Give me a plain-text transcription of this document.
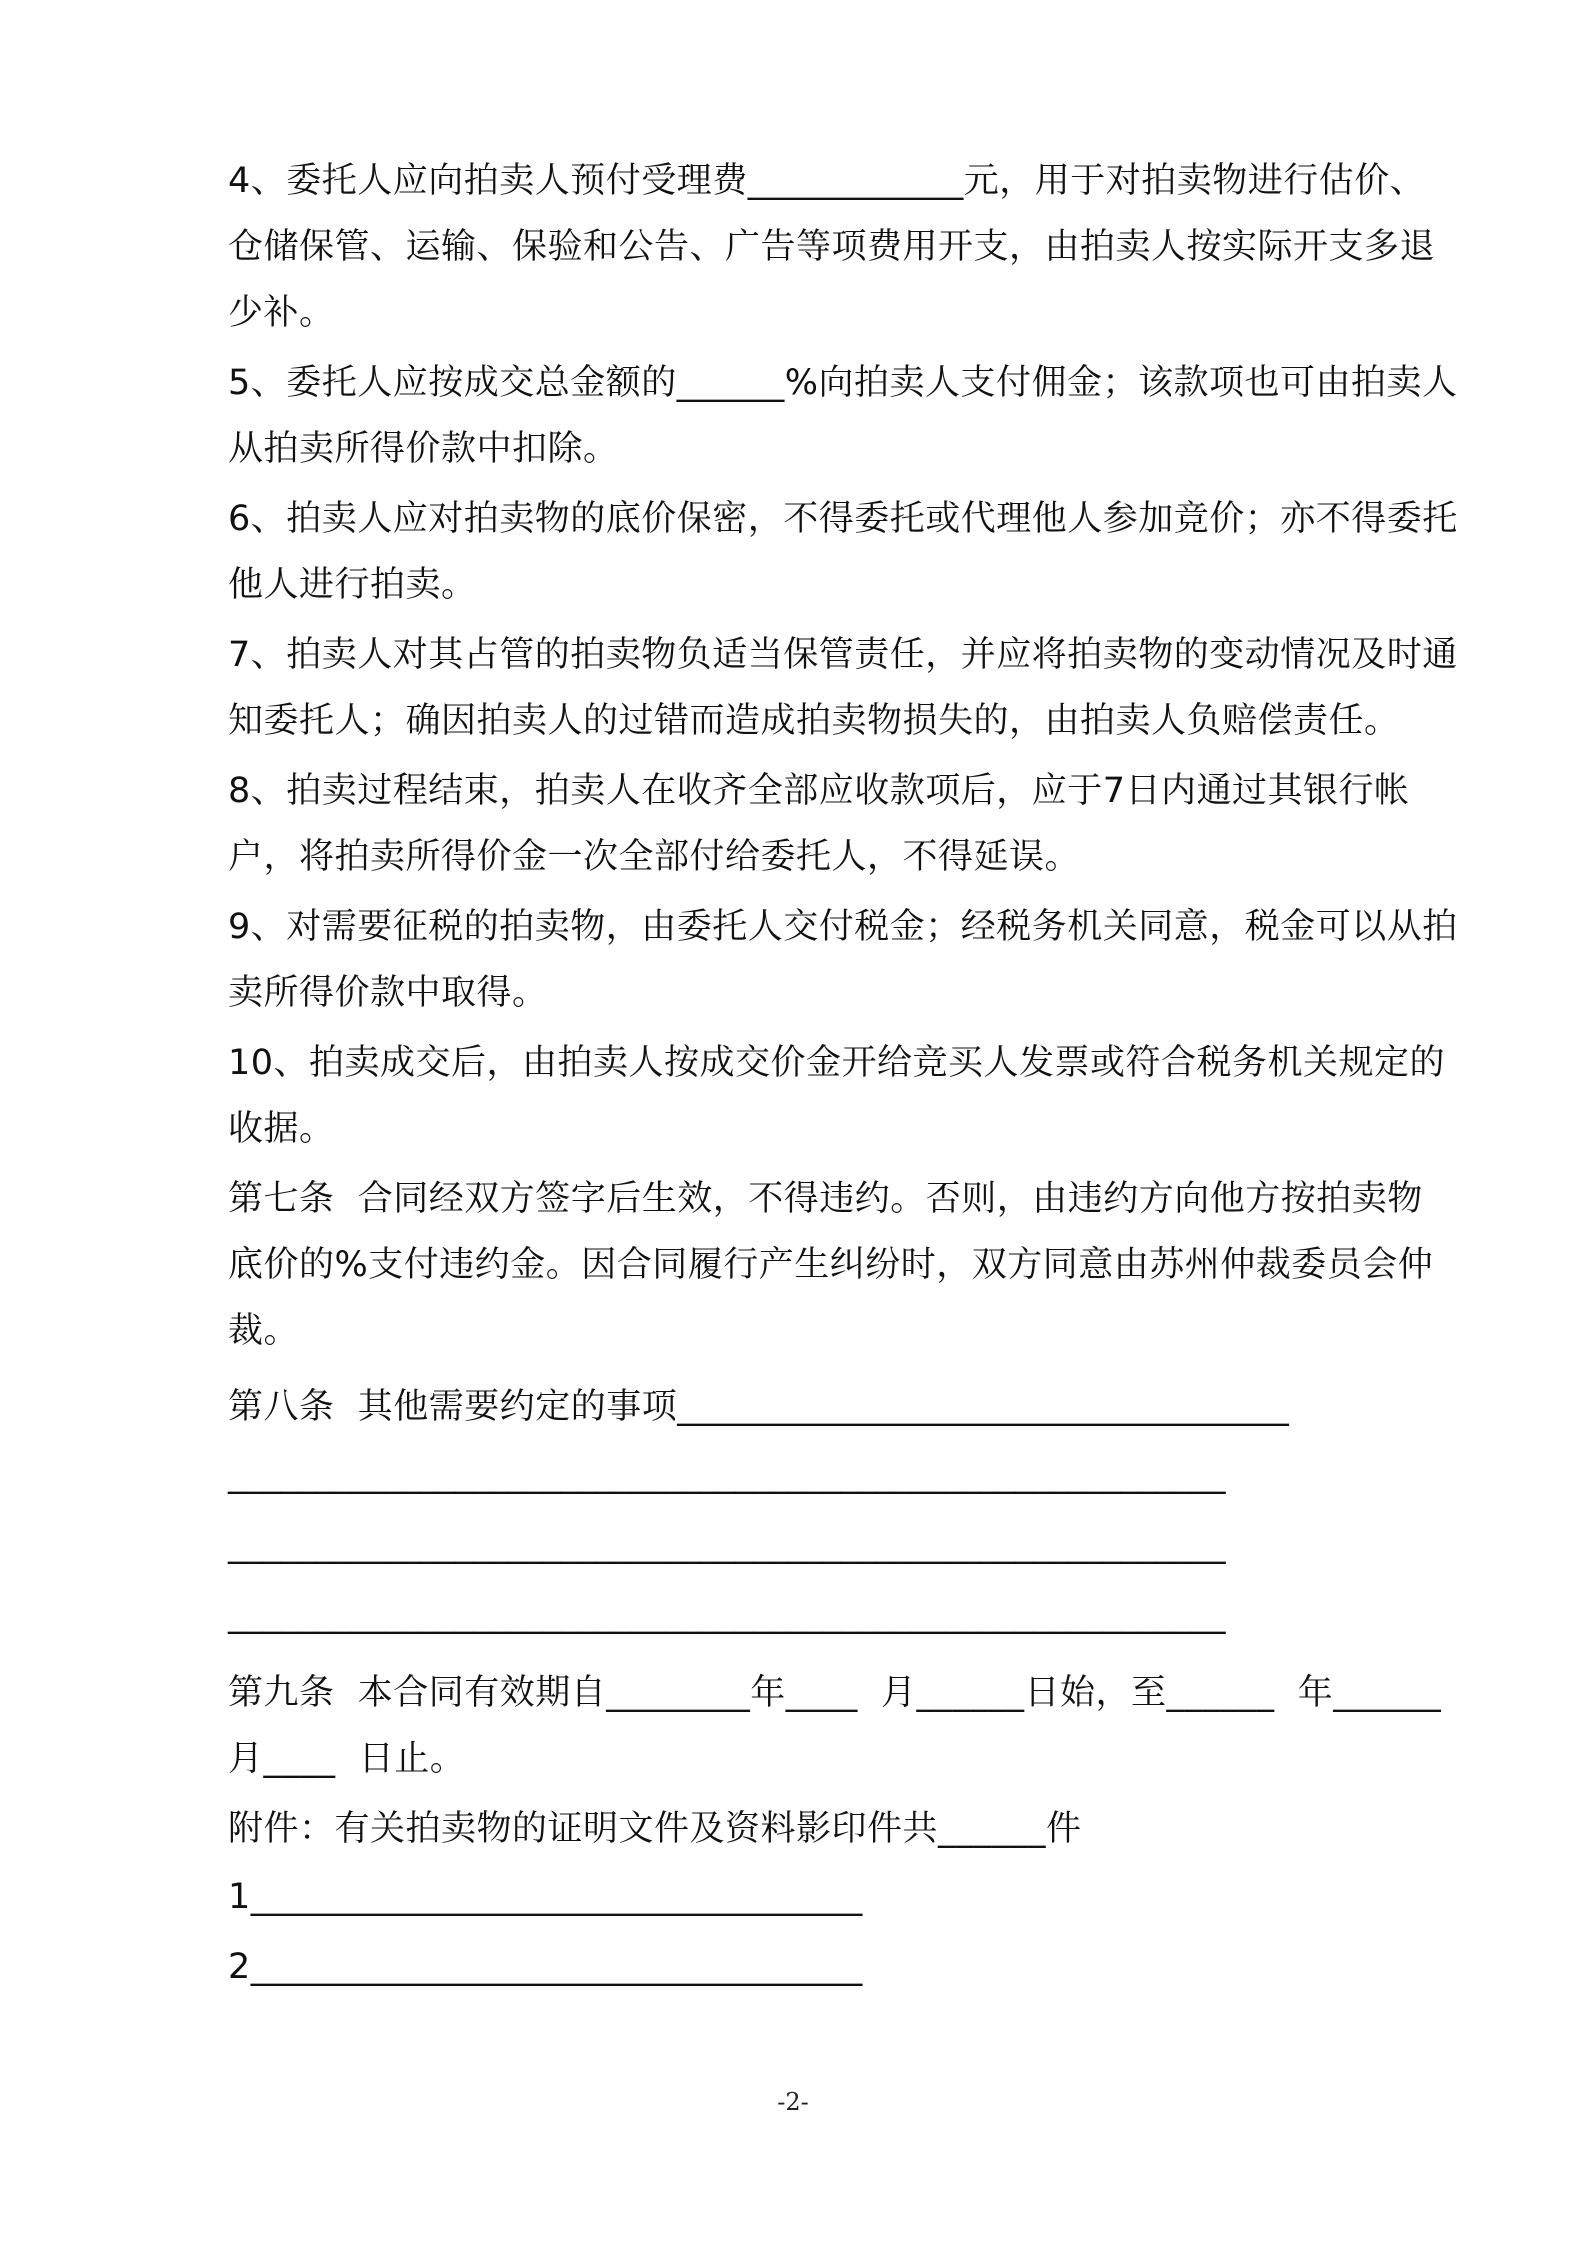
4、委托人应向拍卖人预付受理费____________元，用于对拍卖物进行估价、仓储保管、运输、保验和公告、广告等项费用开支，由拍卖人按实际开支多退少补。

5、委托人应按成交总金额的______%向拍卖人支付佣金；该款项也可由拍卖人从拍卖所得价款中扣除。

6、拍卖人应对拍卖物的底价保密，不得委托或代理他人参加竞价；亦不得委托他人进行拍卖。

7、拍卖人对其占管的拍卖物负适当保管责任，并应将拍卖物的变动情况及时通知委托人；确因拍卖人的过错而造成拍卖物损失的，由拍卖人负赔偿责任。

8、拍卖过程结束，拍卖人在收齐全部应收款项后，应于7日内通过其银行帐户，将拍卖所得价金一次全部付给委托人，不得延误。

9、对需要征税的拍卖物，由委托人交付税金；经税务机关同意，税金可以从拍卖所得价款中取得。

10、拍卖成交后，由拍卖人按成交价金开给竞买人发票或符合税务机关规定的收据。

第七条  合同经双方签字后生效，不得违约。否则，由违约方向他方按拍卖物底价的%支付违约金。因合同履行产生纠纷时，双方同意由苏州仲裁委员会仲裁。

第八条  其他需要约定的事项__________________________________

_________________________________________________________

_________________________________________________________

_________________________________________________________

第九条  本合同有效期自________年____  月______日始，至______  年______月____  日止。

附件：有关拍卖物的证明文件及资料影印件共______件

1__________________________________

2__________________________________

-2-
